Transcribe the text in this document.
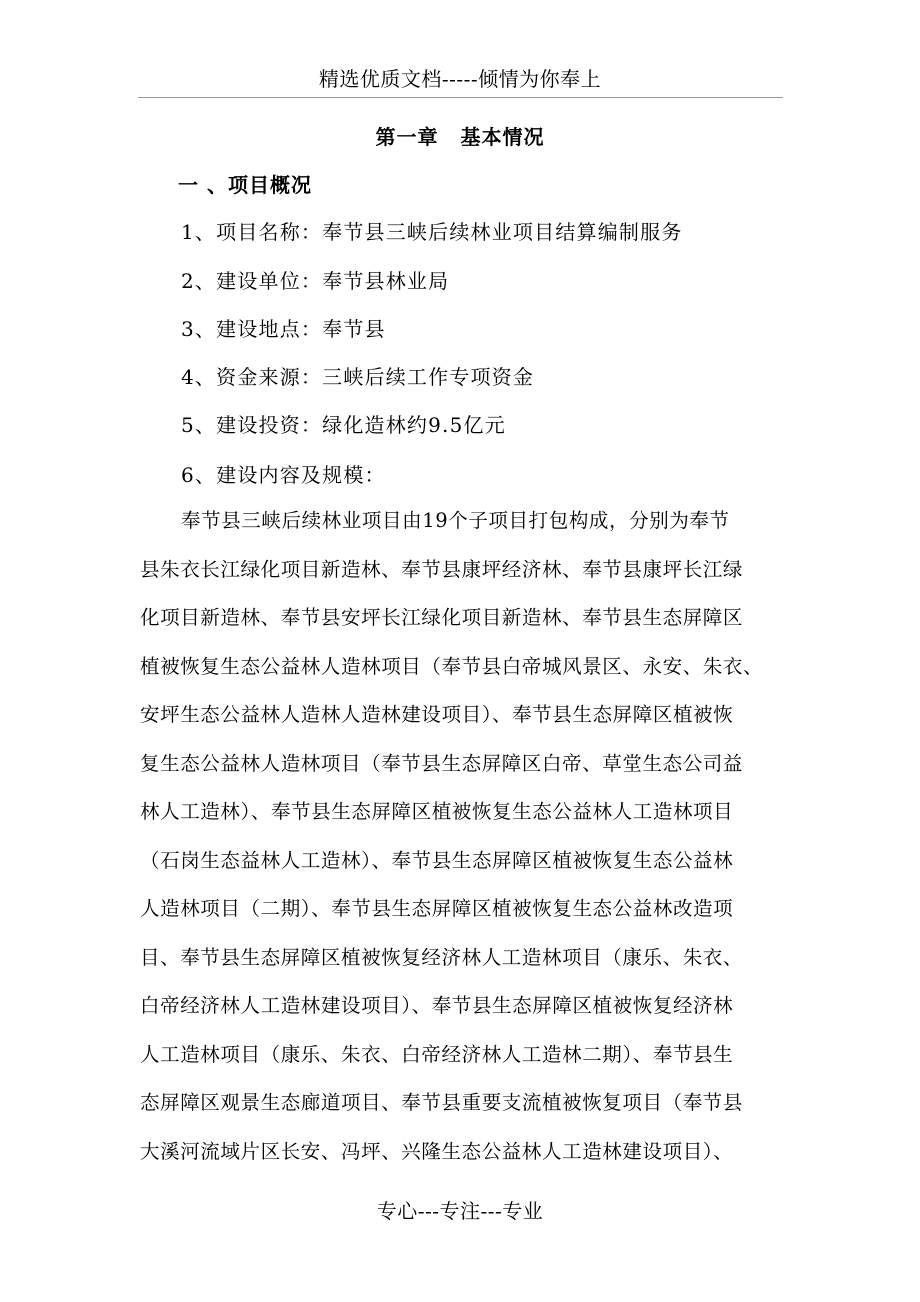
精选优质文档-----倾情为你奉上
第一章 基本情况
一 、项目概况
1、项目名称：奉节县三峡后续林业项目结算编制服务
2、建设单位：奉节县林业局
3、建设地点：奉节县
4、资金来源：三峡后续工作专项资金
5、建设投资：绿化造林约9.5亿元
6、建设内容及规模：
奉节县三峡后续林业项目由19个子项目打包构成，分别为奉节
县朱衣长江绿化项目新造林、奉节县康坪经济林、奉节县康坪长江绿
化项目新造林、奉节县安坪长江绿化项目新造林、奉节县生态屏障区
植被恢复生态公益林人造林项目（奉节县白帝城风景区、永安、朱衣、
安坪生态公益林人造林人造林建设项目）、奉节县生态屏障区植被恢
复生态公益林人造林项目（奉节县生态屏障区白帝、草堂生态公司益
林人工造林）、奉节县生态屏障区植被恢复生态公益林人工造林项目
（石岗生态益林人工造林）、奉节县生态屏障区植被恢复生态公益林
人造林项目（二期）、奉节县生态屏障区植被恢复生态公益林改造项
目、奉节县生态屏障区植被恢复经济林人工造林项目（康乐、朱衣、
白帝经济林人工造林建设项目）、奉节县生态屏障区植被恢复经济林
人工造林项目（康乐、朱衣、白帝经济林人工造林二期）、奉节县生
态屏障区观景生态廊道项目、奉节县重要支流植被恢复项目（奉节县
大溪河流域片区长安、冯坪、兴隆生态公益林人工造林建设项目）、
专心---专注---专业
